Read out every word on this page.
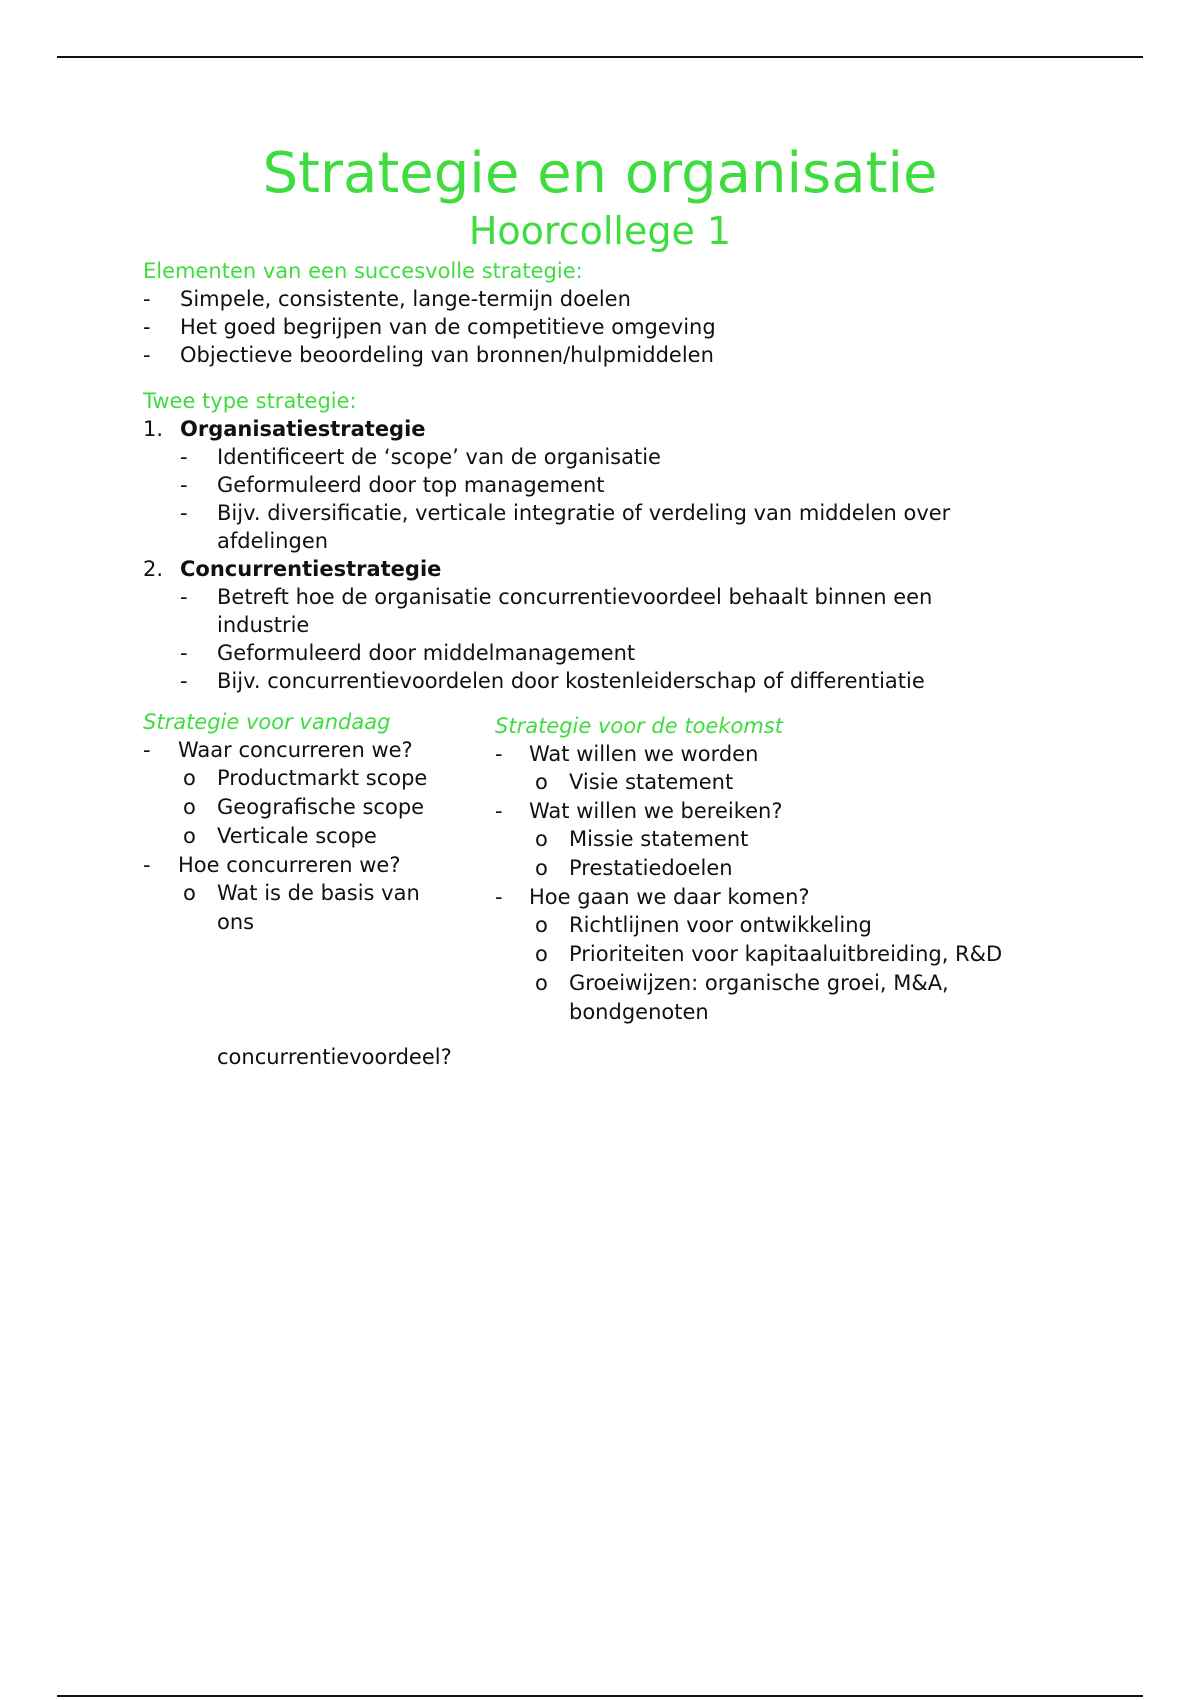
Strategie en organisatie
Hoorcollege 1
Elementen van een succesvolle strategie:
-	Simpele, consistente, lange-termijn doelen
-	Het goed begrijpen van de competitieve omgeving
-	Objectieve beoordeling van bronnen/hulpmiddelen
Twee type strategie:
1. Organisatiestrategie
-	Identificeert de ‘scope’ van de organisatie
-	Geformuleerd door top management
-	Bijv. diversificatie, verticale integratie of verdeling van middelen over afdelingen
2. Concurrentiestrategie
-	Betreft hoe de organisatie concurrentievoordeel behaalt binnen een industrie
-	Geformuleerd door middelmanagement
-	Bijv. concurrentievoordelen door kostenleiderschap of differentiatie
Strategie voor vandaag
-	Waar concurreren we?
o	Productmarkt scope
o	Geografische scope
o	Verticale scope
-	Hoe concurreren we?
o	Wat is de basis van
ons
concurrentievoordeel?
Strategie voor de toekomst
-	Wat willen we worden
o	Visie statement
-	Wat willen we bereiken?
o	Missie statement
o	Prestatiedoelen
-	Hoe gaan we daar komen?
o	Richtlijnen voor ontwikkeling
o	Prioriteiten voor kapitaaluitbreiding, R&D
o	Groeiwijzen: organische groei, M&A, bondgenoten
